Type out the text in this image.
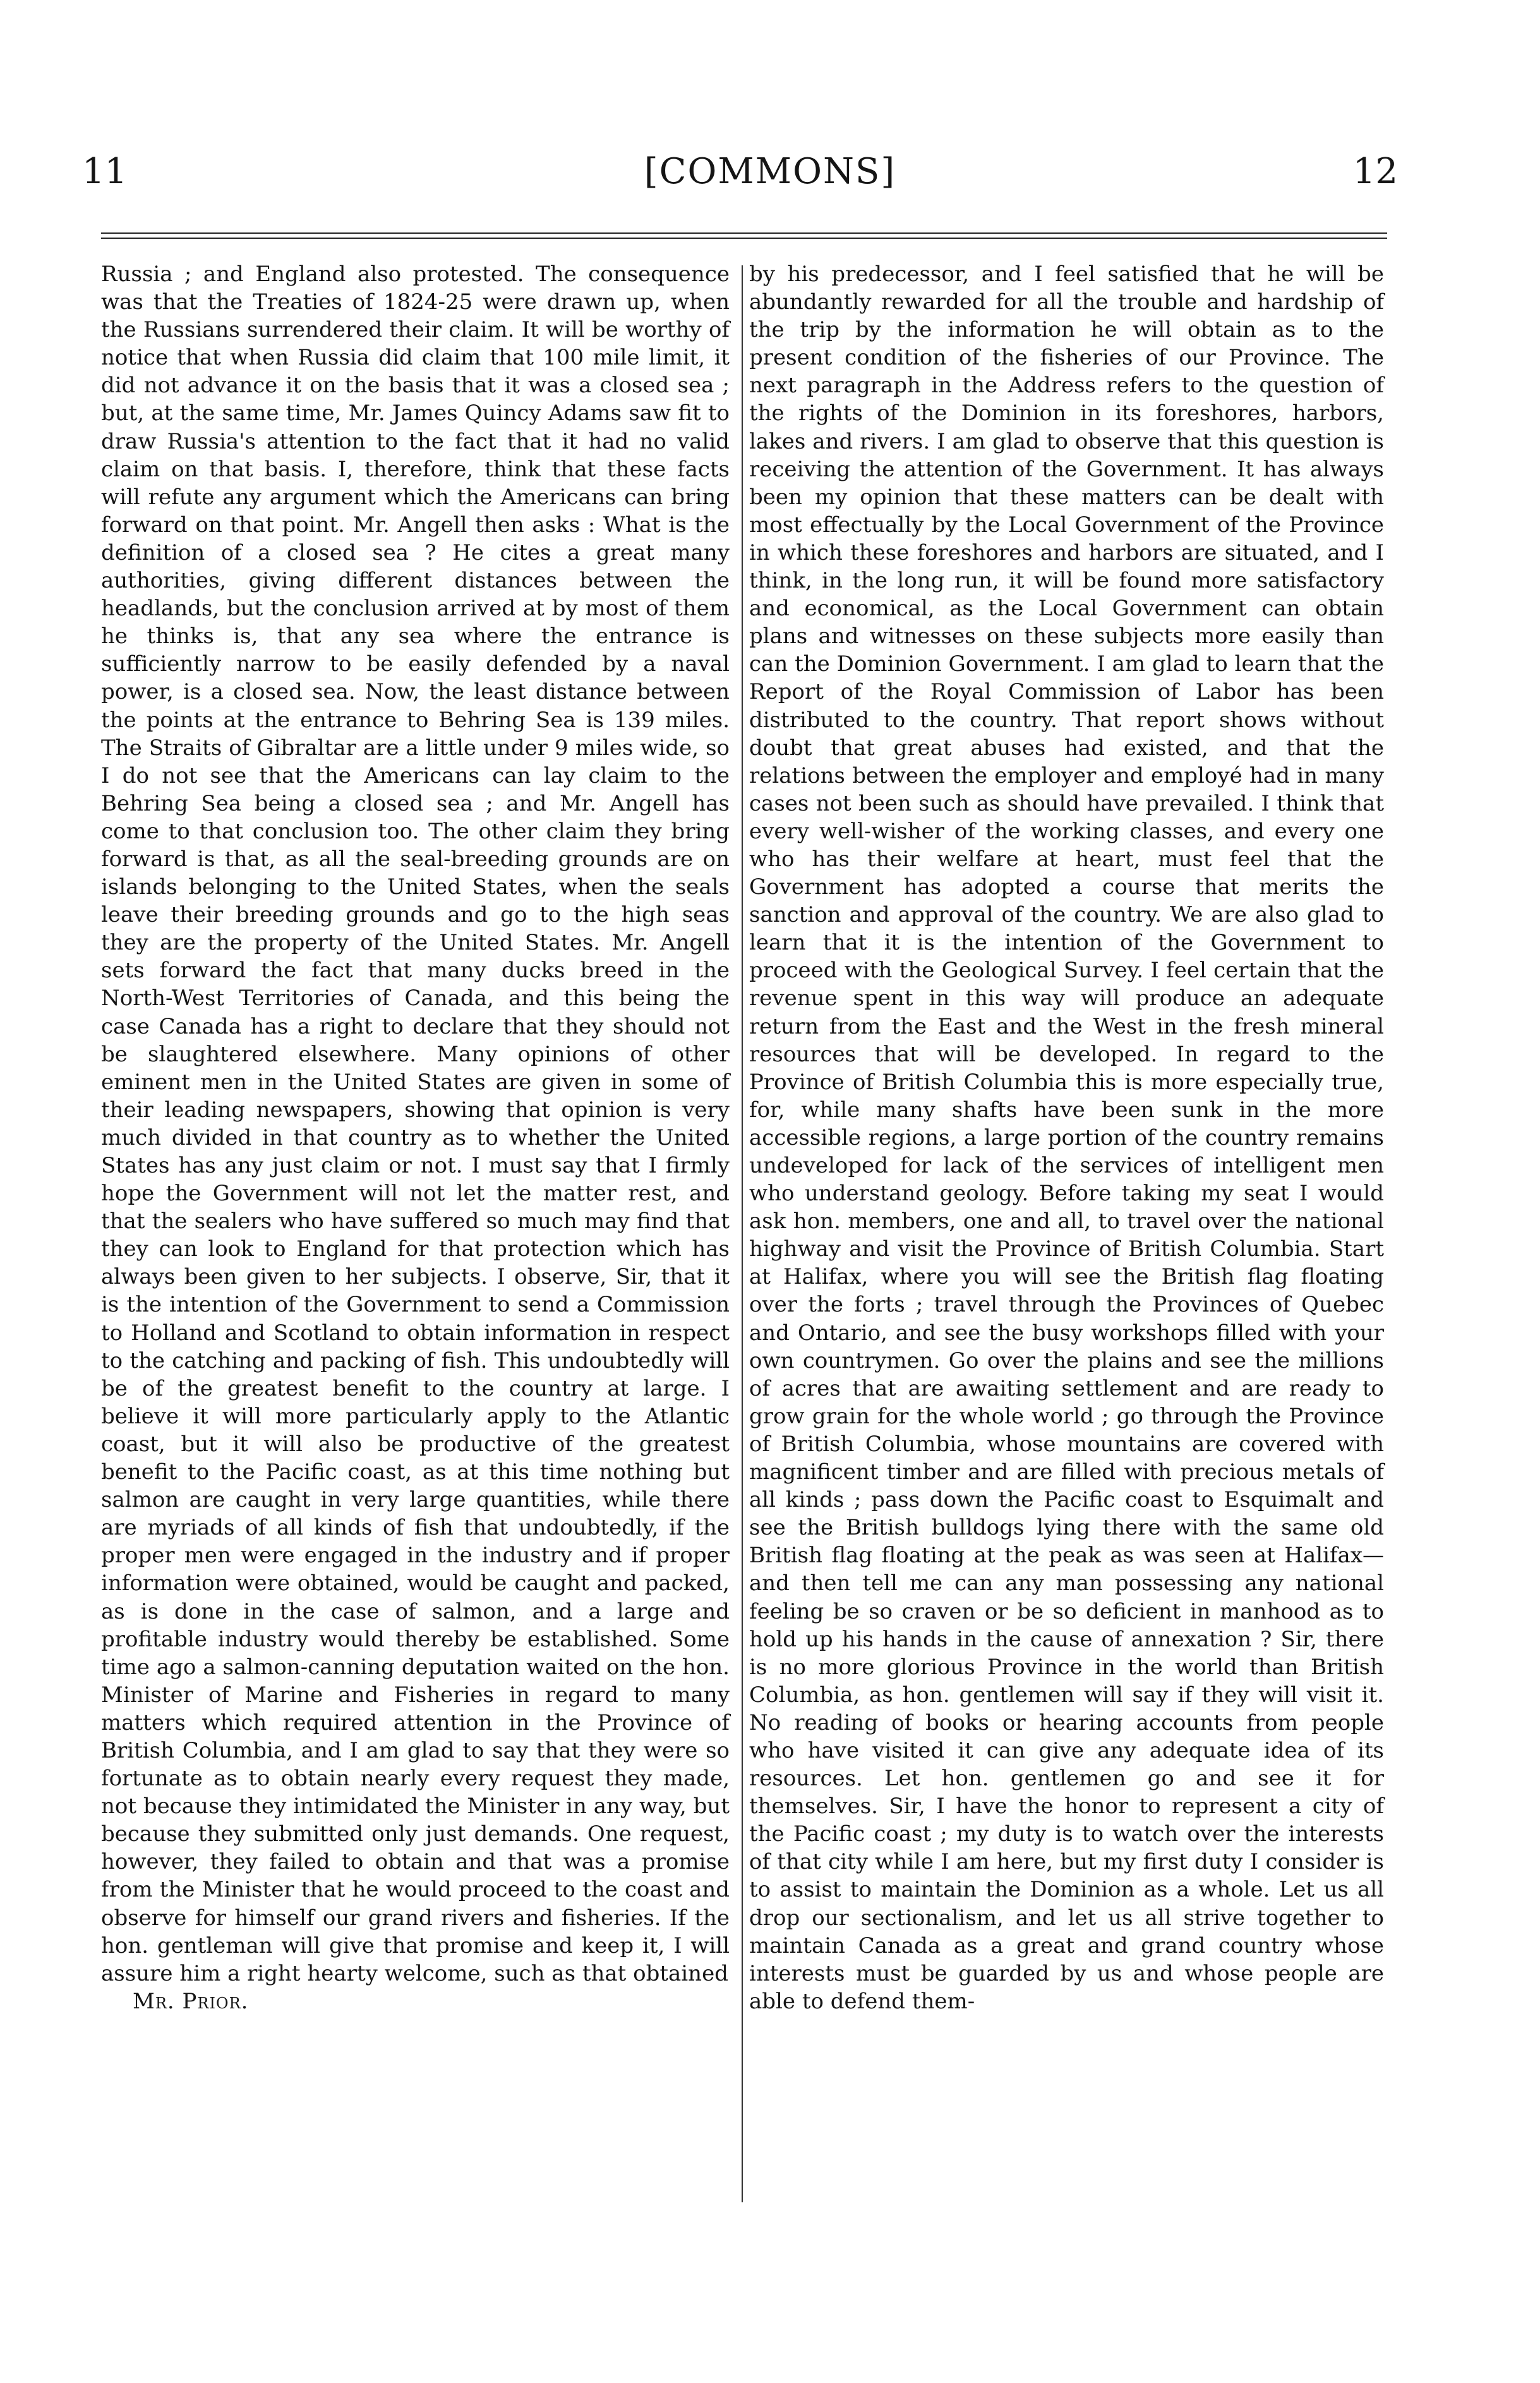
11	[COMMONS]	12

Russia ; and England also protested. The consequence was that the Treaties of 1824-25 were drawn up, when the Russians surrendered their claim. It will be worthy of notice that when Russia did claim that 100 mile limit, it did not advance it on the basis that it was a closed sea ; but, at the same time, Mr. James Quincy Adams saw fit to draw Russia's attention to the fact that it had no valid claim on that basis. I, therefore, think that these facts will refute any argument which the Americans can bring forward on that point. Mr. Angell then asks : What is the definition of a closed sea ? He cites a great many authorities, giving different distances between the headlands, but the conclusion arrived at by most of them he thinks is, that any sea where the entrance is sufficiently narrow to be easily defended by a naval power, is a closed sea. Now, the least distance between the points at the entrance to Behring Sea is 139 miles. The Straits of Gibraltar are a little under 9 miles wide, so I do not see that the Americans can lay claim to the Behring Sea being a closed sea ; and Mr. Angell has come to that conclusion too. The other claim they bring forward is that, as all the seal-breeding grounds are on islands belonging to the United States, when the seals leave their breeding grounds and go to the high seas they are the property of the United States. Mr. Angell sets forward the fact that many ducks breed in the North-West Territories of Canada, and this being the case Canada has a right to declare that they should not be slaughtered elsewhere. Many opinions of other eminent men in the United States are given in some of their leading newspapers, showing that opinion is very much divided in that country as to whether the United States has any just claim or not. I must say that I firmly hope the Government will not let the matter rest, and that the sealers who have suffered so much may find that they can look to England for that protection which has always been given to her subjects. I observe, Sir, that it is the intention of the Government to send a Commission to Holland and Scotland to obtain information in respect to the catching and packing of fish. This undoubtedly will be of the greatest benefit to the country at large. I believe it will more particularly apply to the Atlantic coast, but it will also be productive of the greatest benefit to the Pacific coast, as at this time nothing but salmon are caught in very large quantities, while there are myriads of all kinds of fish that undoubtedly, if the proper men were engaged in the industry and if proper information were obtained, would be caught and packed, as is done in the case of salmon, and a large and profitable industry would thereby be established. Some time ago a salmon-canning deputation waited on the hon. Minister of Marine and Fisheries in regard to many matters which required attention in the Province of British Columbia, and I am glad to say that they were so fortunate as to obtain nearly every request they made, not because they intimidated the Minister in any way, but because they submitted only just demands. One request, however, they failed to obtain and that was a promise from the Minister that he would proceed to the coast and observe for himself our grand rivers and fisheries. If the hon. gentleman will give that promise and keep it, I will assure him a right hearty welcome, such as that obtained

Mr. Prior.

by his predecessor, and I feel satisfied that he will be abundantly rewarded for all the trouble and hardship of the trip by the information he will obtain as to the present condition of the fisheries of our Province. The next paragraph in the Address refers to the question of the rights of the Dominion in its foreshores, harbors, lakes and rivers. I am glad to observe that this question is receiving the attention of the Government. It has always been my opinion that these matters can be dealt with most effectually by the Local Government of the Province in which these foreshores and harbors are situated, and I think, in the long run, it will be found more satisfactory and economical, as the Local Government can obtain plans and witnesses on these subjects more easily than can the Dominion Government. I am glad to learn that the Report of the Royal Commission of Labor has been distributed to the country. That report shows without doubt that great abuses had existed, and that the relations between the employer and employé had in many cases not been such as should have prevailed. I think that every well-wisher of the working classes, and every one who has their welfare at heart, must feel that the Government has adopted a course that merits the sanction and approval of the country. We are also glad to learn that it is the intention of the Government to proceed with the Geological Survey. I feel certain that the revenue spent in this way will produce an adequate return from the East and the West in the fresh mineral resources that will be developed. In regard to the Province of British Columbia this is more especially true, for, while many shafts have been sunk in the more accessible regions, a large portion of the country remains undeveloped for lack of the services of intelligent men who understand geology. Before taking my seat I would ask hon. members, one and all, to travel over the national highway and visit the Province of British Columbia. Start at Halifax, where you will see the British flag floating over the forts ; travel through the Provinces of Quebec and Ontario, and see the busy workshops filled with your own countrymen. Go over the plains and see the millions of acres that are awaiting settlement and are ready to grow grain for the whole world ; go through the Province of British Columbia, whose mountains are covered with magnificent timber and are filled with precious metals of all kinds ; pass down the Pacific coast to Esquimalt and see the British bulldogs lying there with the same old British flag floating at the peak as was seen at Halifax—and then tell me can any man possessing any national feeling be so craven or be so deficient in manhood as to hold up his hands in the cause of annexation ? Sir, there is no more glorious Province in the world than British Columbia, as hon. gentlemen will say if they will visit it. No reading of books or hearing accounts from people who have visited it can give any adequate idea of its resources. Let hon. gentlemen go and see it for themselves. Sir, I have the honor to represent a city of the Pacific coast ; my duty is to watch over the interests of that city while I am here, but my first duty I consider is to assist to maintain the Dominion as a whole. Let us all drop our sectionalism, and let us all strive together to maintain Canada as a great and grand country whose interests must be guarded by us and whose people are able to defend them-
